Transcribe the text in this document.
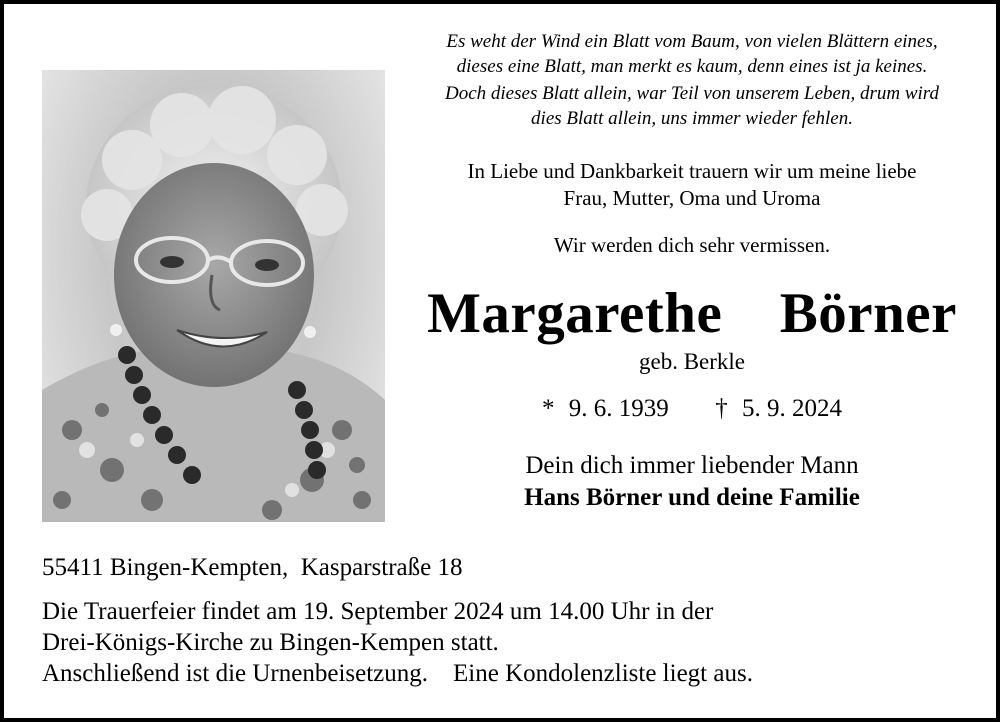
Es weht der Wind ein Blatt vom Baum, von vielen Blättern eines,
dieses eine Blatt, man merkt es kaum, denn eines ist ja keines.
Doch dieses Blatt allein, war Teil von unserem Leben, drum wird
dies Blatt allein, uns immer wieder fehlen.
In Liebe und Dankbarkeit trauern wir um meine liebe
Frau, Mutter, Oma und Uroma
Wir werden dich sehr vermissen.
Margarethe  Börner
geb. Berkle
* 9. 6. 1939 † 5. 9. 2024
Dein dich immer liebender Mann
Hans Börner und deine Familie
55411 Bingen-Kempten,  Kasparstraße 18
Die Trauerfeier findet am 19. September 2024 um 14.00 Uhr in der
Drei-Königs-Kirche zu Bingen-Kempen statt.
Anschließend ist die Urnenbeisetzung.    Eine Kondolenzliste liegt aus.
